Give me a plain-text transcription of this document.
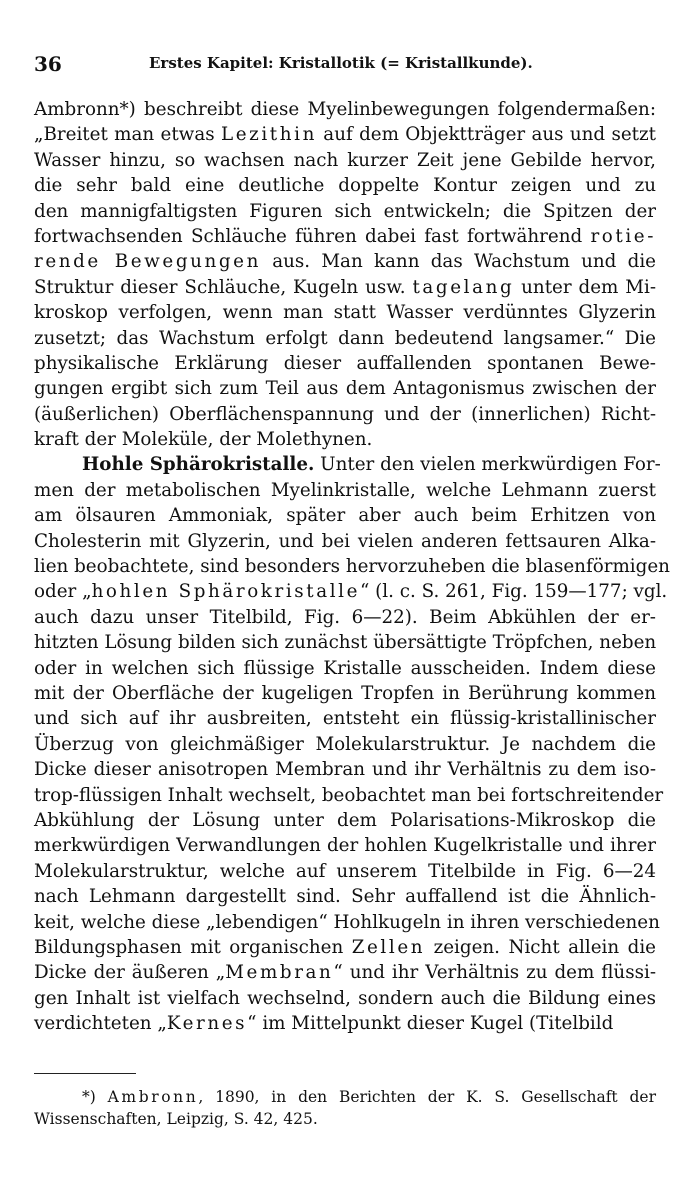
36	Erstes Kapitel: Kristallotik (= Kristallkunde).
Ambronn*) beschreibt diese Myelinbewegungen folgendermaßen:
„Breitet man etwas Lezithin auf dem Objektträger aus und setzt
Wasser hinzu, so wachsen nach kurzer Zeit jene Gebilde hervor,
die sehr bald eine deutliche doppelte Kontur zeigen und zu
den mannigfaltigsten Figuren sich entwickeln; die Spitzen der
fortwachsenden Schläuche führen dabei fast fortwährend rotie-
rende Bewegungen aus. Man kann das Wachstum und die
Struktur dieser Schläuche, Kugeln usw. tagelang unter dem Mi-
kroskop verfolgen, wenn man statt Wasser verdünntes Glyzerin
zusetzt; das Wachstum erfolgt dann bedeutend langsamer.“ Die
physikalische Erklärung dieser auffallenden spontanen Bewe-
gungen ergibt sich zum Teil aus dem Antagonismus zwischen der
(äußerlichen) Oberflächenspannung und der (innerlichen) Richt-
kraft der Moleküle, der Molethynen.
Hohle Sphärokristalle. Unter den vielen merkwürdigen For-
men der metabolischen Myelinkristalle, welche Lehmann zuerst
am ölsauren Ammoniak, später aber auch beim Erhitzen von
Cholesterin mit Glyzerin, und bei vielen anderen fettsauren Alka-
lien beobachtete, sind besonders hervorzuheben die blasenförmigen
oder „hohlen Sphärokristalle“ (l. c. S. 261, Fig. 159—177; vgl.
auch dazu unser Titelbild, Fig. 6—22). Beim Abkühlen der er-
hitzten Lösung bilden sich zunächst übersättigte Tröpfchen, neben
oder in welchen sich flüssige Kristalle ausscheiden. Indem diese
mit der Oberfläche der kugeligen Tropfen in Berührung kommen
und sich auf ihr ausbreiten, entsteht ein flüssig-kristallinischer
Überzug von gleichmäßiger Molekularstruktur. Je nachdem die
Dicke dieser anisotropen Membran und ihr Verhältnis zu dem iso-
trop-flüssigen Inhalt wechselt, beobachtet man bei fortschreitender
Abkühlung der Lösung unter dem Polarisations-Mikroskop die
merkwürdigen Verwandlungen der hohlen Kugelkristalle und ihrer
Molekularstruktur, welche auf unserem Titelbilde in Fig. 6—24
nach Lehmann dargestellt sind. Sehr auffallend ist die Ähnlich-
keit, welche diese „lebendigen“ Hohlkugeln in ihren verschiedenen
Bildungsphasen mit organischen Zellen zeigen. Nicht allein die
Dicke der äußeren „Membran“ und ihr Verhältnis zu dem flüssi-
gen Inhalt ist vielfach wechselnd, sondern auch die Bildung eines
verdichteten „Kernes“ im Mittelpunkt dieser Kugel (Titelbild
*) Ambronn, 1890, in den Berichten der K. S. Gesellschaft der
Wissenschaften, Leipzig, S. 42, 425.
